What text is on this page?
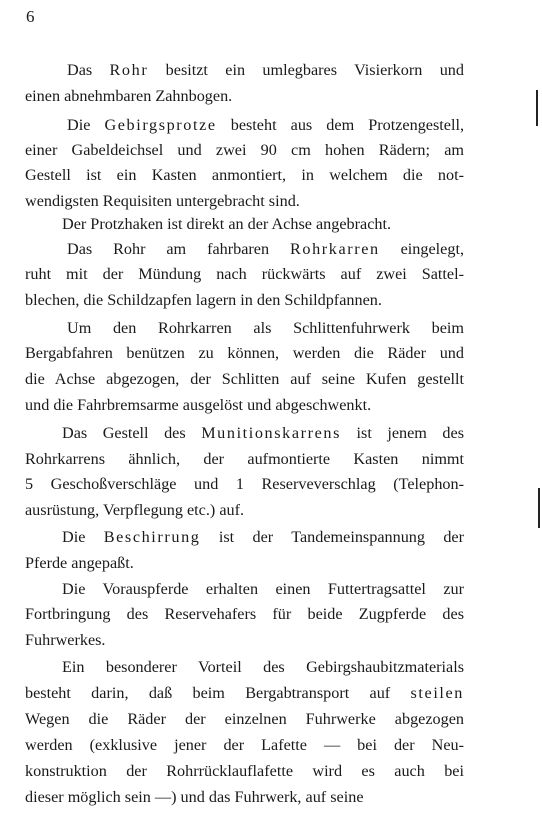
6
Das Rohr besitzt ein umlegbares Visierkorn und
einen abnehmbaren Zahnbogen.
Die Gebirgsprotze besteht aus dem Protzengestell,
einer Gabeldeichsel und zwei 90 cm hohen Rädern; am
Gestell ist ein Kasten anmontiert, in welchem die not-
wendigsten Requisiten untergebracht sind.
Der Protzhaken ist direkt an der Achse angebracht.
Das Rohr am fahrbaren Rohrkarren eingelegt,
ruht mit der Mündung nach rückwärts auf zwei Sattel-
blechen, die Schildzapfen lagern in den Schildpfannen.
Um den Rohrkarren als Schlittenfuhrwerk beim
Bergabfahren benützen zu können, werden die Räder und
die Achse abgezogen, der Schlitten auf seine Kufen gestellt
und die Fahrbremsarme ausgelöst und abgeschwenkt.
Das Gestell des Munitionskarrens ist jenem des
Rohrkarrens ähnlich, der aufmontierte Kasten nimmt
5 Geschoßverschläge und 1 Reserveverschlag (Telephon-
ausrüstung, Verpflegung etc.) auf.
Die Beschirrung ist der Tandemeinspannung der
Pferde angepaßt.
Die Vorauspferde erhalten einen Futtertragsattel zur
Fortbringung des Reservehafers für beide Zugpferde des
Fuhrwerkes.
Ein besonderer Vorteil des Gebirgshaubitzmaterials
besteht darin, daß beim Bergabtransport auf steilen
Wegen die Räder der einzelnen Fuhrwerke abgezogen
werden (exklusive jener der Lafette — bei der Neu-
konstruktion der Rohrrücklauflafette wird es auch bei
dieser möglich sein —) und das Fuhrwerk, auf seine
